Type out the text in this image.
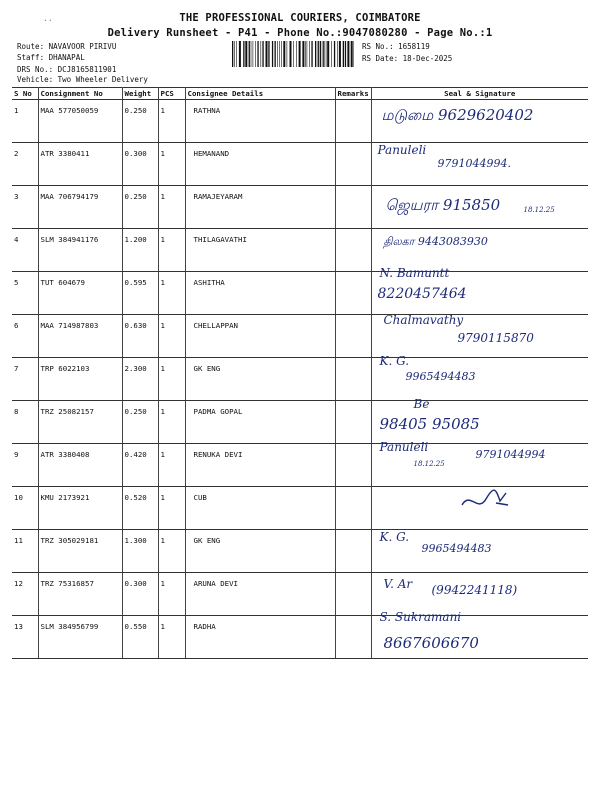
..	THE PROFESSIONAL COURIERS, COIMBATORE
Delivery Runsheet - P41 - Phone No.:9047080280 - Page No.:1
Route: NAVAVOOR PIRIVU
Staff: DHANAPAL
DRS No.: DCJ8165811901
Vehicle: Two Wheeler Delivery
RS No.: 1658119
RS Date: 18-Dec-2025
S No	Consignment No	Weight	PCS	Consignee Details	Remarks	Seal & Signature
1	MAA 577050059	0.250	1	RATHNA		மடுமை 9629620402

2	ATR 3380411	0.300	1	HEMANAND		Panuleli
9791044994.

3	MAA 706794179	0.250	1	RAMAJEYARAM		18.12.25
ஜெயரா 915850

4	SLM 384941176	1.200	1	THILAGAVATHI		திலகா 9443083930

5	TUT 604679	0.595	1	ASHITHA		N. Bamuntt
8220457464

6	MAA 714987803	0.630	1	CHELLAPPAN		Chalmavathy
9790115870

7	TRP 6022103	2.300	1	GK ENG		K. G.
9965494483

8	TRZ 25082157	0.250	1	PADMA GOPAL		Be
98405 95085

9	ATR 3380408	0.420	1	RENUKA DEVI		Panuleli
18.12.25
9791044994

10	KMU 2173921	0.520	1	CUB		

11	TRZ 305029181	1.300	1	GK ENG		K. G.
9965494483

12	TRZ 75316857	0.300	1	ARUNA DEVI		V. Ar (9942241118)

13	SLM 384956799	0.550	1	RADHA		S. Sukramani
8667606670
